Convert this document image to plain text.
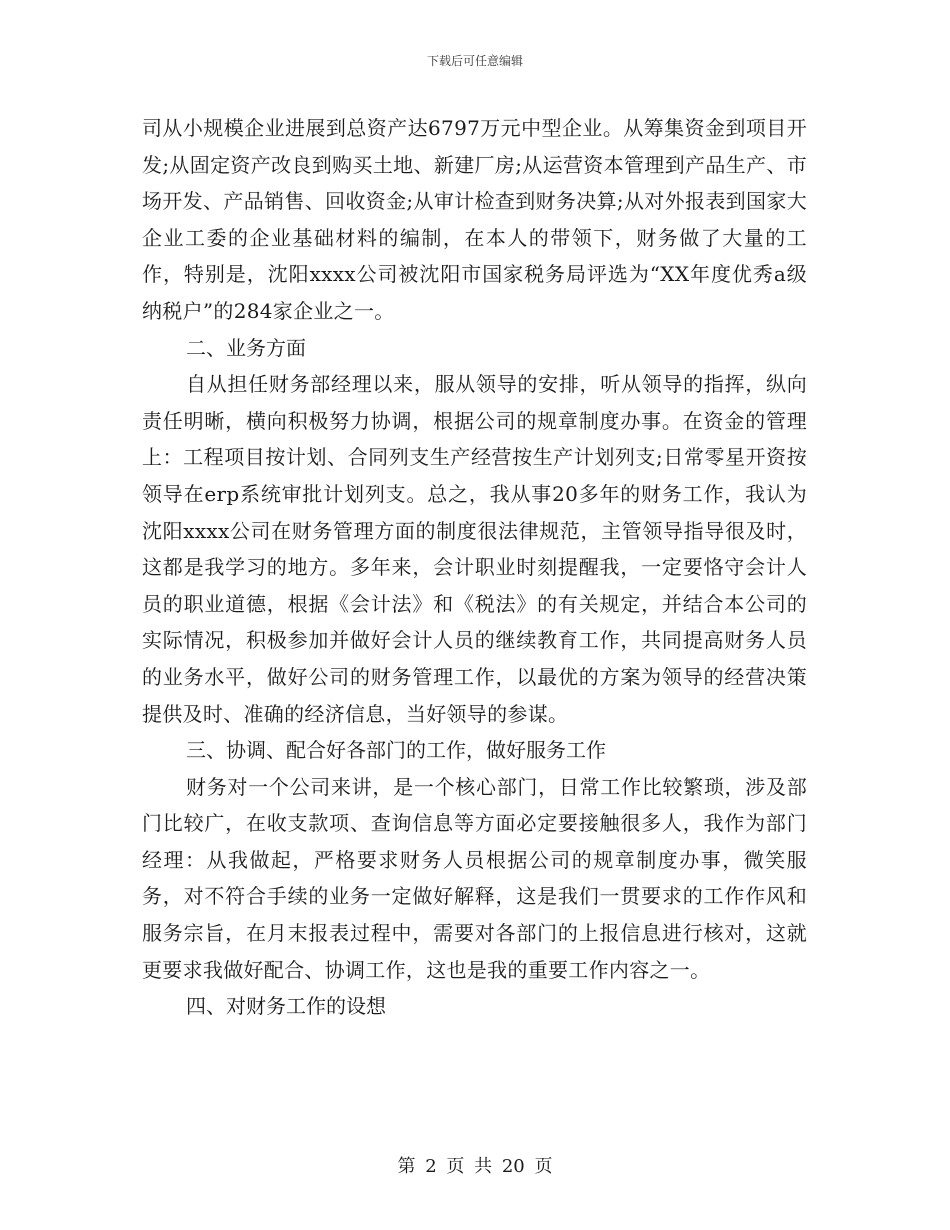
下载后可任意编辑

司从小规模企业进展到总资产达6797万元中型企业。从筹集资金到项目开发;从固定资产改良到购买土地、新建厂房;从运营资本管理到产品生产、市场开发、产品销售、回收资金;从审计检查到财务决算;从对外报表到国家大企业工委的企业基础材料的编制，在本人的带领下，财务做了大量的工作，特别是，沈阳xxxx公司被沈阳市国家税务局评选为“XX年度优秀a级纳税户”的284家企业之一。

二、业务方面

自从担任财务部经理以来，服从领导的安排，听从领导的指挥，纵向责任明晰，横向积极努力协调，根据公司的规章制度办事。在资金的管理上：工程项目按计划、合同列支生产经营按生产计划列支;日常零星开资按领导在erp系统审批计划列支。总之，我从事20多年的财务工作，我认为沈阳xxxx公司在财务管理方面的制度很法律规范，主管领导指导很及时，这都是我学习的地方。多年来，会计职业时刻提醒我，一定要恪守会计人员的职业道德，根据《会计法》和《税法》的有关规定，并结合本公司的实际情况，积极参加并做好会计人员的继续教育工作，共同提高财务人员的业务水平，做好公司的财务管理工作，以最优的方案为领导的经营决策提供及时、准确的经济信息，当好领导的参谋。

三、协调、配合好各部门的工作，做好服务工作

财务对一个公司来讲，是一个核心部门，日常工作比较繁琐，涉及部门比较广，在收支款项、查询信息等方面必定要接触很多人，我作为部门经理：从我做起，严格要求财务人员根据公司的规章制度办事，微笑服务，对不符合手续的业务一定做好解释，这是我们一贯要求的工作作风和服务宗旨，在月末报表过程中，需要对各部门的上报信息进行核对，这就更要求我做好配合、协调工作，这也是我的重要工作内容之一。

四、对财务工作的设想

第 2 页 共 20 页
